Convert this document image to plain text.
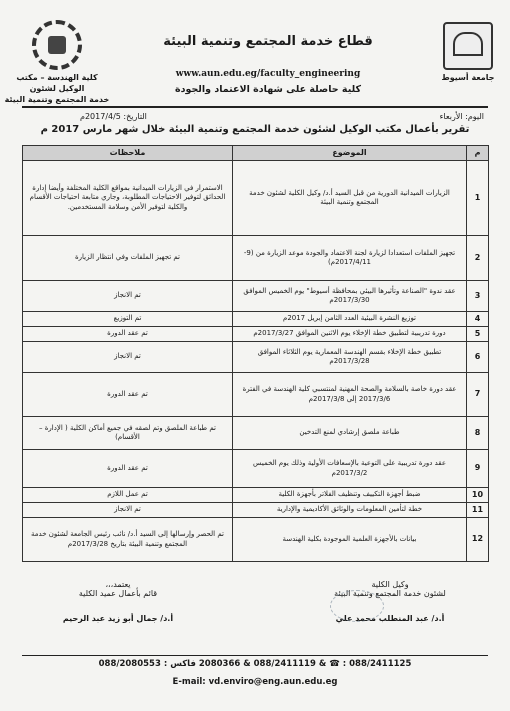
جامعة أسيوط
قطاع خدمة المجتمع وتنمية البيئة
www.aun.edu.eg/faculty_engineering
كلية حاصلة على شهادة الاعتماد والجودة
كلية الهندسة – مكتب الوكيل لشئون
خدمة المجتمع وتنمية البيئة
اليوم: الأربعاء
التاريخ: 2017/4/5م
تقرير بأعمال مكتب الوكيل لشئون خدمة المجتمع وتنمية البيئة خلال شهر مارس 2017 م
م	الموضوع	ملاحظات
1	الزيارات الميدانية الدورية من قبل السيد أ.د/ وكيل الكلية لشئون خدمة المجتمع وتنمية البيئة	الاستمرار في الزيارات الميدانية بمواقع الكلية المختلفة وأيضا إدارة الحدائق لتوفير الاحتياجات المطلوبة، وجاري متابعة احتياجات الأقسام والكلية لتوفير الأمن وسلامة المستخدمين.
2	تجهيز الملفات استعدادا لزيارة لجنة الاعتماد والجودة موعد الزيارة من (9-2017/4/11م)	تم تجهيز الملفات وفي انتظار الزيارة
3	عقد ندوة "الصناعة وتأثيرها البيئي بمحافظة أسيوط" يوم الخميس الموافق 2017/3/30م	تم الانجاز
4	توزيع النشرة البيئية العدد الثامن إبريل 2017م	تم التوزيع
5	دورة تدريبية لتطبيق خطة الإخلاء يوم الاثنين الموافق 2017/3/27م	تم عقد الدورة
6	تطبيق خطة الإخلاء بقسم الهندسة المعمارية يوم الثلاثاء الموافق 2017/3/28م	تم الانجاز
7	عقد دورة خاصة بالسلامة والصحة المهنية لمنتسبي كلية الهندسة في الفترة 2017/3/6 إلى 2017/3/8م	تم عقد الدورة
8	طباعة ملصق إرشادي لمنع التدخين	تم طباعة الملصق وتم لصقه في جميع أماكن الكلية ( الإدارة – الأقسام)
9	عقد دورة تدريبية على التوعية بالإسعافات الأولية وذلك يوم الخميس 2017/3/2م	تم عقد الدورة
10	ضبط أجهزة التكييف وتنظيف الفلاتر بأجهزة الكلية	تم عمل اللازم
11	خطة لتأمين المعلومات والوثائق الأكاديمية والإدارية	تم الانجاز
12	بيانات بالأجهزة العلمية الموجودة بكلية الهندسة	تم الحصر وإرسالها إلى السيد أ.د/ نائب رئيس الجامعة لشئون خدمة المجتمع وتنمية البيئة بتاريخ 2017/3/28م
وكيل الكلية
لشئون خدمة المجتمع وتنمية البيئة
أ.د/ عبد المنطلب محمد علي
يعتمد،،،
قائم بأعمال عميد الكلية
أ.د/ جمال أبو زيد عبد الرحيم
088/2411125 : ☎ & 088/2411119 & 2080366 فاكس : 088/2080553
E-mail: vd.enviro@eng.aun.edu.eg
